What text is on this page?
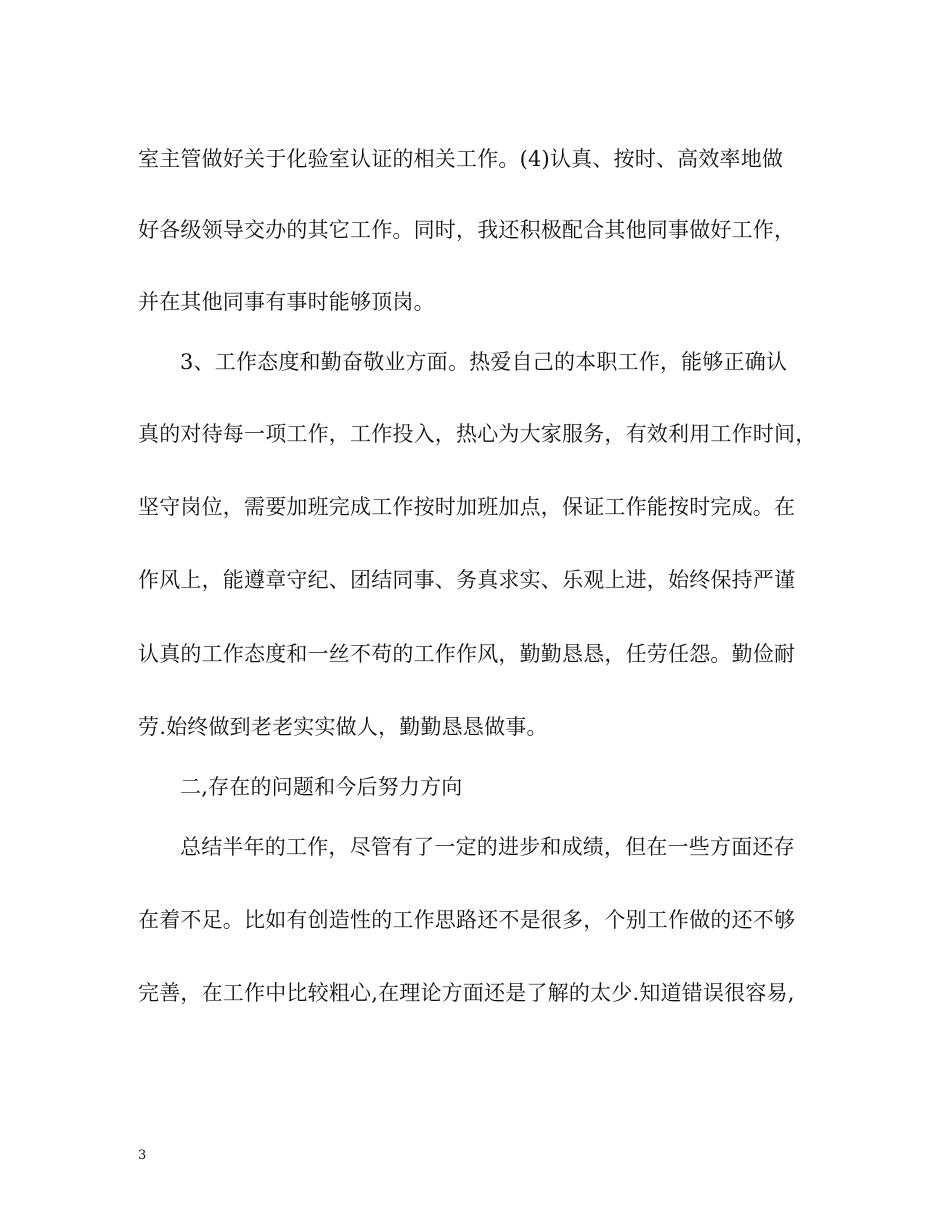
室主管做好关于化验室认证的相关工作。(4)认真、按时、高效率地做
好各级领导交办的其它工作。同时，我还积极配合其他同事做好工作，
并在其他同事有事时能够顶岗。
3、工作态度和勤奋敬业方面。热爱自己的本职工作，能够正确认
真的对待每一项工作，工作投入，热心为大家服务，有效利用工作时间，
坚守岗位，需要加班完成工作按时加班加点，保证工作能按时完成。在
作风上，能遵章守纪、团结同事、务真求实、乐观上进，始终保持严谨
认真的工作态度和一丝不苟的工作作风，勤勤恳恳，任劳任怨。勤俭耐
劳.始终做到老老实实做人，勤勤恳恳做事。
二,存在的问题和今后努力方向
总结半年的工作，尽管有了一定的进步和成绩，但在一些方面还存
在着不足。比如有创造性的工作思路还不是很多，个别工作做的还不够
完善，在工作中比较粗心,在理论方面还是了解的太少.知道错误很容易,
3
